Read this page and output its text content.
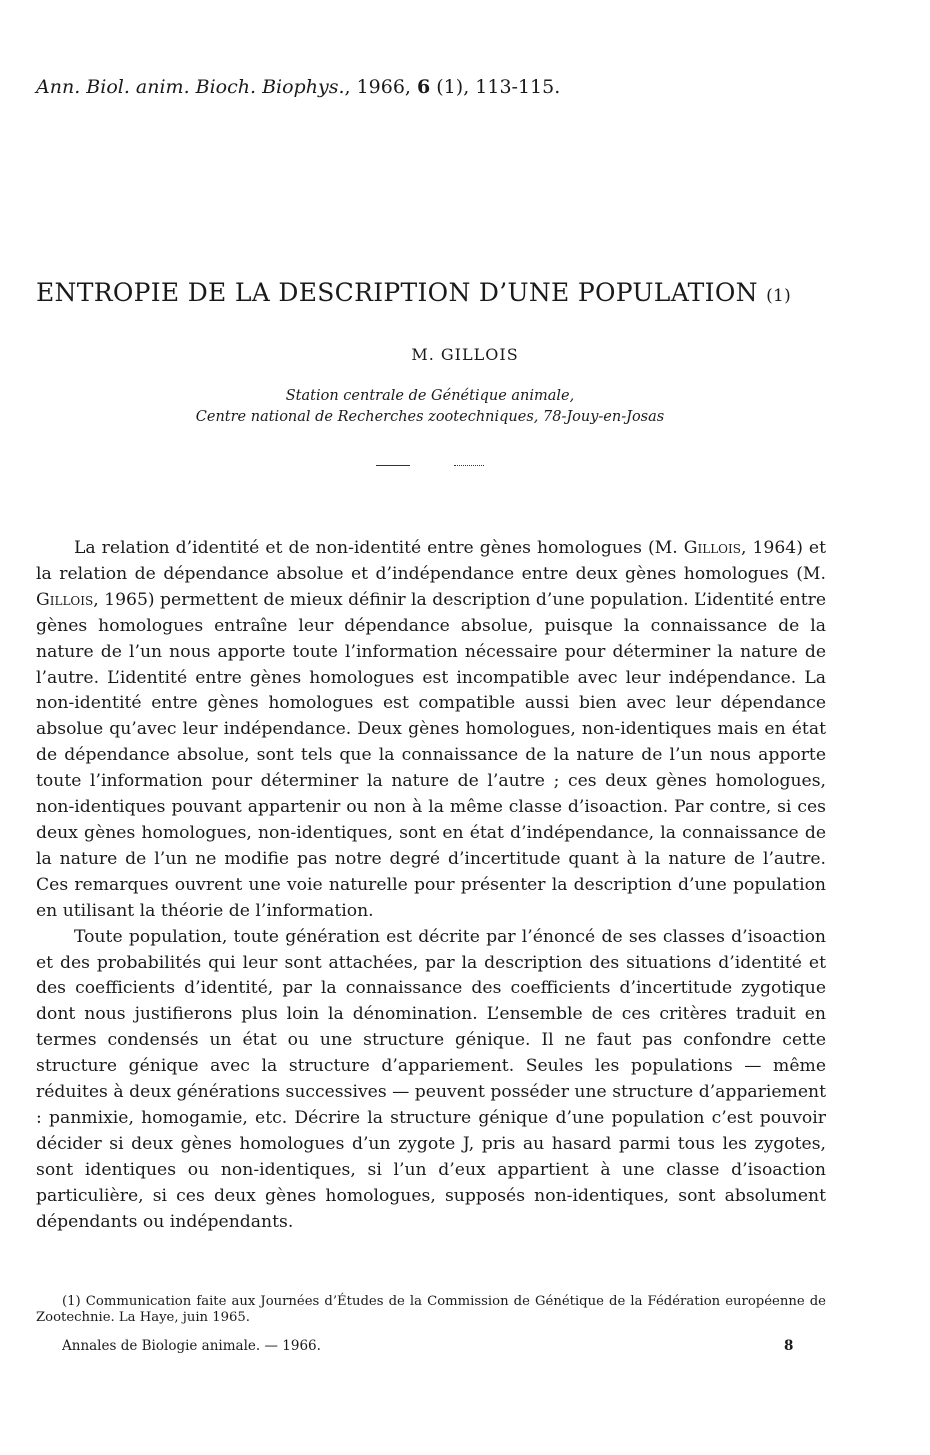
Ann. Biol. anim. Bioch. Biophys., 1966, 6 (1), 113-115.
ENTROPIE DE LA DESCRIPTION D’UNE POPULATION (1)
M. GILLOIS
Station centrale de Génétique animale,
Centre national de Recherches zootechniques, 78-Jouy-en-Josas

La relation d’identité et de non-identité entre gènes homologues (M. Gillois, 1964) et la relation de dépendance absolue et d’indépendance entre deux gènes homologues (M. Gillois, 1965) permettent de mieux définir la description d’une population. L’identité entre gènes homologues entraîne leur dépendance absolue, puisque la connaissance de la nature de l’un nous apporte toute l’information nécessaire pour déterminer la nature de l’autre. L’identité entre gènes homologues est incompatible avec leur indépendance. La non-identité entre gènes homologues est compatible aussi bien avec leur dépendance absolue qu’avec leur indépendance. Deux gènes homologues, non-identiques mais en état de dépendance absolue, sont tels que la connaissance de la nature de l’un nous apporte toute l’information pour déterminer la nature de l’autre ; ces deux gènes homologues, non-identiques pouvant appartenir ou non à la même classe d’isoaction. Par contre, si ces deux gènes homologues, non-identiques, sont en état d’indépendance, la connaissance de la nature de l’un ne modifie pas notre degré d’incertitude quant à la nature de l’autre. Ces remarques ouvrent une voie naturelle pour présenter la description d’une population en utilisant la théorie de l’information.

Toute population, toute génération est décrite par l’énoncé de ses classes d’isoaction et des probabilités qui leur sont attachées, par la description des situations d’identité et des coefficients d’identité, par la connaissance des coefficients d’incertitude zygotique dont nous justifierons plus loin la dénomination. L’ensemble de ces critères traduit en termes condensés un état ou une structure génique. Il ne faut pas confondre cette structure génique avec la structure d’appariement. Seules les populations — même réduites à deux générations successives — peuvent posséder une structure d’appariement : panmixie, homogamie, etc. Décrire la structure génique d’une population c’est pouvoir décider si deux gènes homologues d’un zygote J, pris au hasard parmi tous les zygotes, sont identiques ou non-identiques, si l’un d’eux appartient à une classe d’isoaction particulière, si ces deux gènes homologues, supposés non-identiques, sont absolument dépendants ou indépendants.

(1) Communication faite aux Journées d’Études de la Commission de Génétique de la Fédération européenne de Zootechnie. La Haye, juin 1965.

Annales de Biologie animale. — 1966.	8
